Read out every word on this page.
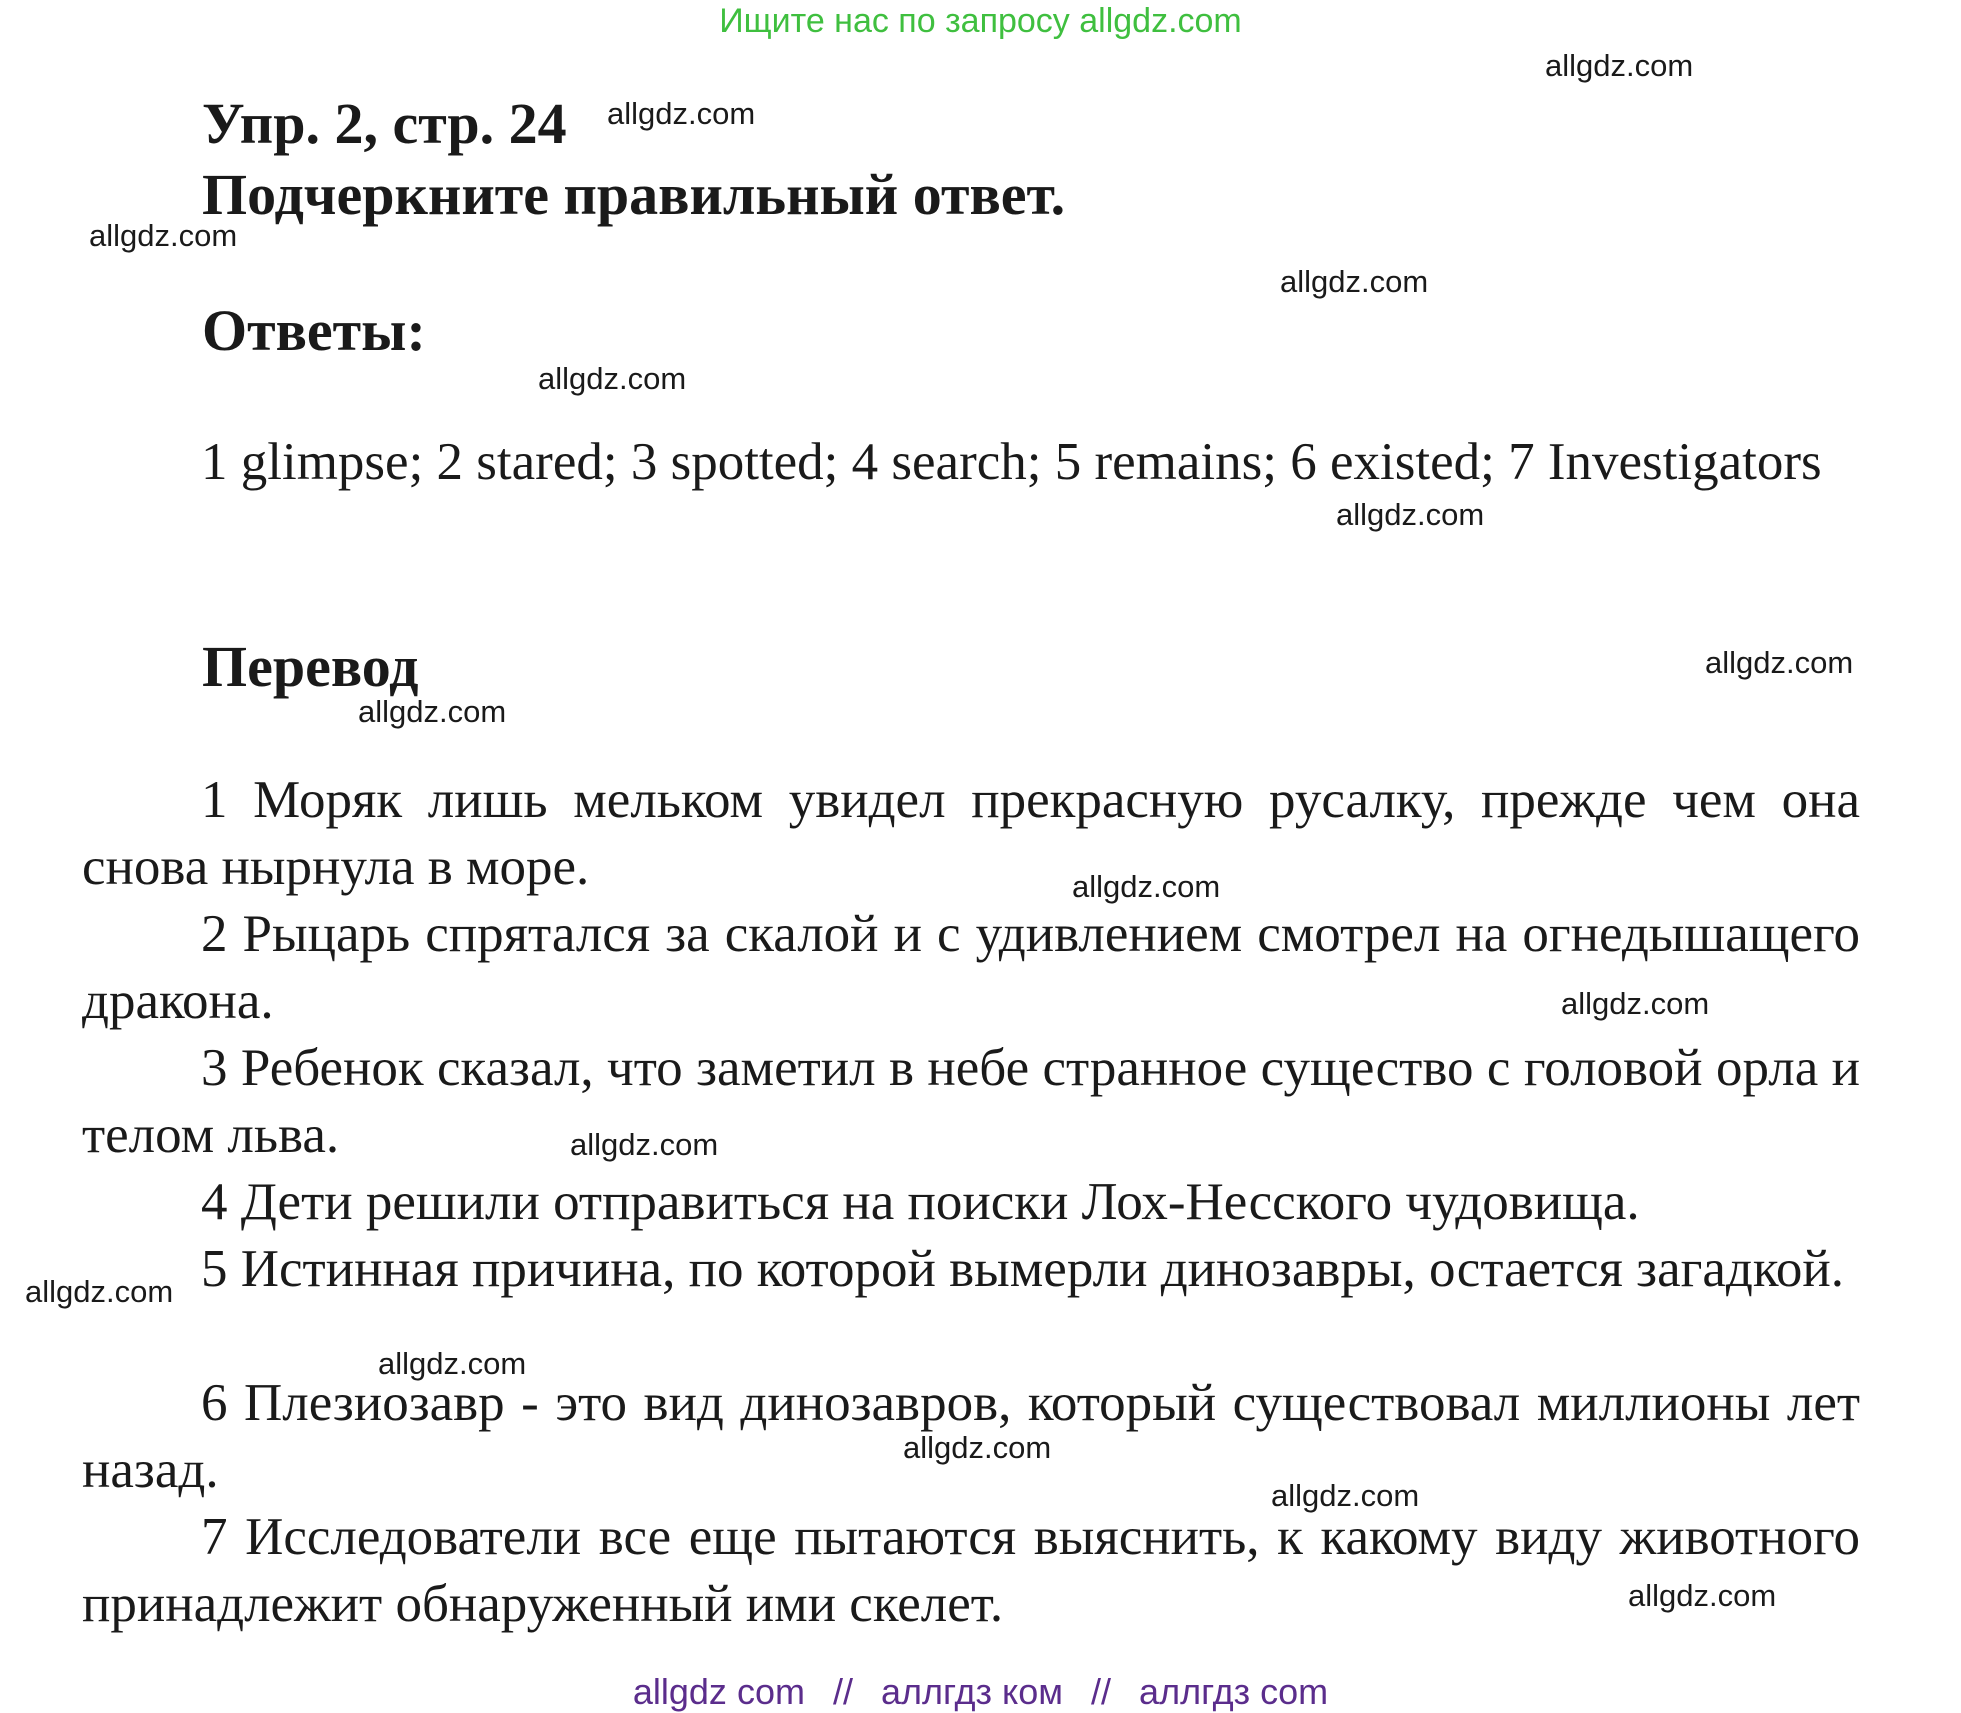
Ищите нас по запросу allgdz.com
Упр. 2, стр. 24
Подчеркните правильный ответ.
Ответы:
1 glimpse; 2 stared; 3 spotted; 4 search; 5 remains; 6 existed; 7 Investigators
Перевод
1 Моряк лишь мельком увидел прекрасную русалку, прежде чем она снова нырнула в море.
2 Рыцарь спрятался за скалой и с удивлением смотрел на огнедышащего дракона.
3 Ребенок сказал, что заметил в небе странное существо с головой орла и телом льва.
4 Дети решили отправиться на поиски Лох-Несского чудовища.
5 Истинная причина, по которой вымерли динозавры, остается загадкой.
6 Плезиозавр - это вид динозавров, который существовал миллионы лет назад.
7 Исследователи все еще пытаются выяснить, к какому виду животного принадлежит обнаруженный ими скелет.
allgdz.com
allgdz.com
allgdz.com
allgdz.com
allgdz.com
allgdz.com
allgdz.com
allgdz.com
allgdz.com
allgdz.com
allgdz.com
allgdz.com
allgdz.com
allgdz.com
allgdz.com
allgdz.com
allgdz com // аллгдз ком // аллгдз com
